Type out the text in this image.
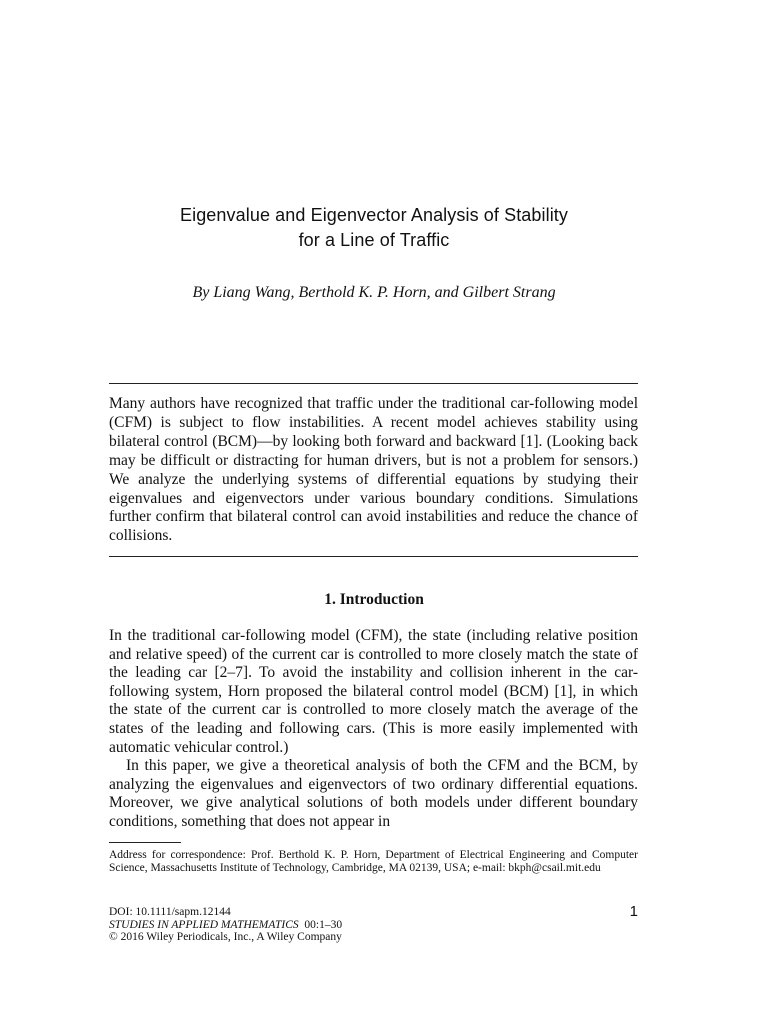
Eigenvalue and Eigenvector Analysis of Stability
for a Line of Traffic
By Liang Wang, Berthold K. P. Horn, and Gilbert Strang
Many authors have recognized that traffic under the traditional car-following model (CFM) is subject to flow instabilities. A recent model achieves stability using bilateral control (BCM)—by looking both forward and backward [1]. (Looking back may be difficult or distracting for human drivers, but is not a problem for sensors.) We analyze the underlying systems of differential equations by studying their eigenvalues and eigenvectors under various boundary conditions. Simulations further confirm that bilateral control can avoid instabilities and reduce the chance of collisions.
1. Introduction

In the traditional car-following model (CFM), the state (including relative position and relative speed) of the current car is controlled to more closely match the state of the leading car [2–7]. To avoid the instability and collision inherent in the car-following system, Horn proposed the bilateral control model (BCM) [1], in which the state of the current car is controlled to more closely match the average of the states of the leading and following cars. (This is more easily implemented with automatic vehicular control.)

In this paper, we give a theoretical analysis of both the CFM and the BCM, by analyzing the eigenvalues and eigenvectors of two ordinary differential equations. Moreover, we give analytical solutions of both models under different boundary conditions, something that does not appear in

Address for correspondence: Prof. Berthold K. P. Horn, Department of Electrical Engineering and Computer Science, Massachusetts Institute of Technology, Cambridge, MA 02139, USA; e-mail: bkph@csail.mit.edu
DOI: 10.1111/sapm.12144
STUDIES IN APPLIED MATHEMATICS 00:1–30
© 2016 Wiley Periodicals, Inc., A Wiley Company
1
